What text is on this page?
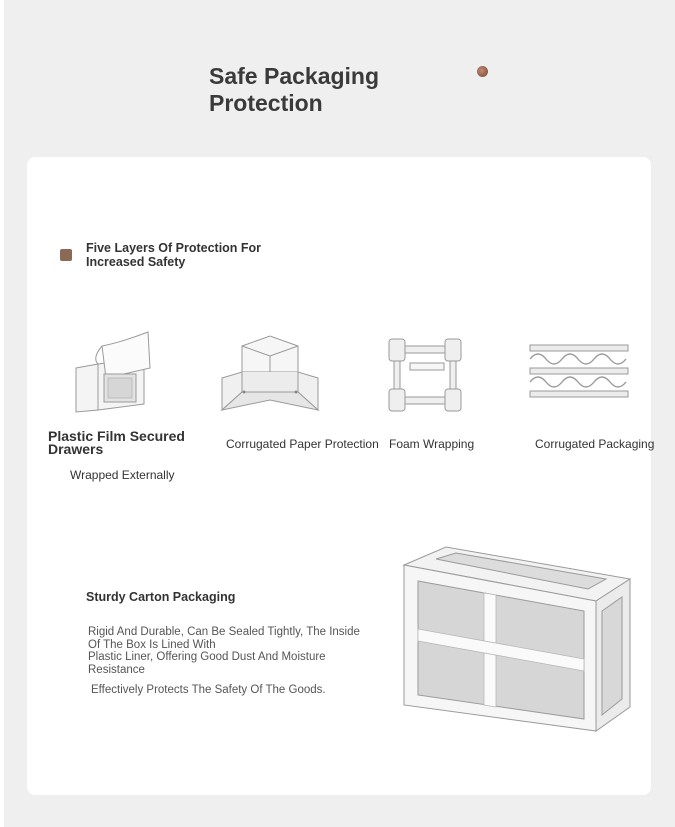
Safe Packaging Protection

Five Layers Of Protection For Increased Safety

Plastic Film Secured Drawers
Wrapped Externally
Corrugated Paper Protection Foam Wrapping	Corrugated Packaging
Sturdy Carton Packaging

Rigid And Durable, Can Be Sealed Tightly, The Inside Of The Box Is Lined With

Plastic Liner, Offering Good Dust And Moisture Resistance

Effectively Protects The Safety Of The Goods.
